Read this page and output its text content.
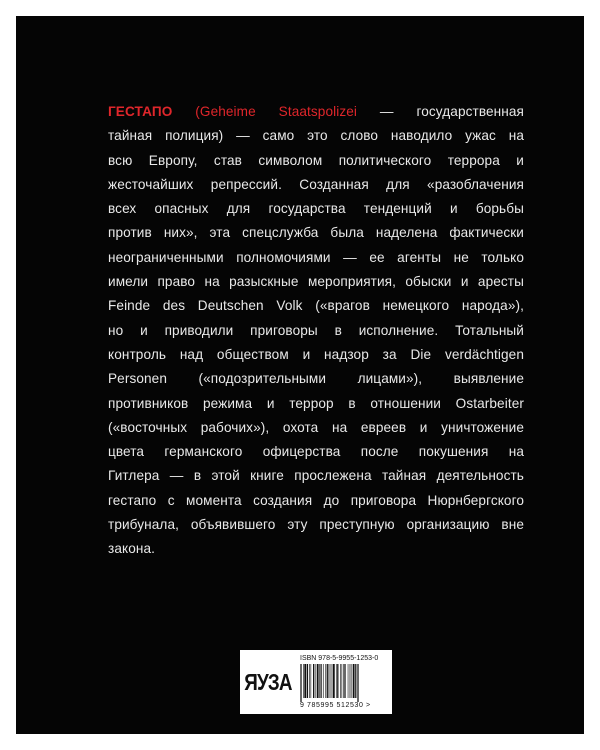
ГЕСТАПО (Geheime Staatspolizei — государственная
тайная полиция) — само это слово наводило ужас на
всю Европу, став символом политического террора и
жесточайших репрессий. Созданная для «разоблачения
всех опасных для государства тенденций и борьбы
против них», эта спецслужба была наделена фактически
неограниченными полномочиями — ее агенты не только
имели право на разыскные мероприятия, обыски и аресты
Feinde des Deutschen Volk («врагов немецкого народа»),
но и приводили приговоры в исполнение. Тотальный
контроль над обществом и надзор за Die verdächtigen
Personen («подозрительными лицами»), выявление
противников режима и террор в отношении Ostarbeiter
(«восточных рабочих»), охота на евреев и уничтожение
цвета германского офицерства после покушения на
Гитлера — в этой книге прослежена тайная деятельность
гестапо с момента создания до приговора Нюрнбергского
трибунала, объявившего эту преступную организацию вне
закона.
ЯУЗА
ISBN 978-5-9955-1253-0
9 785995 512530 >
